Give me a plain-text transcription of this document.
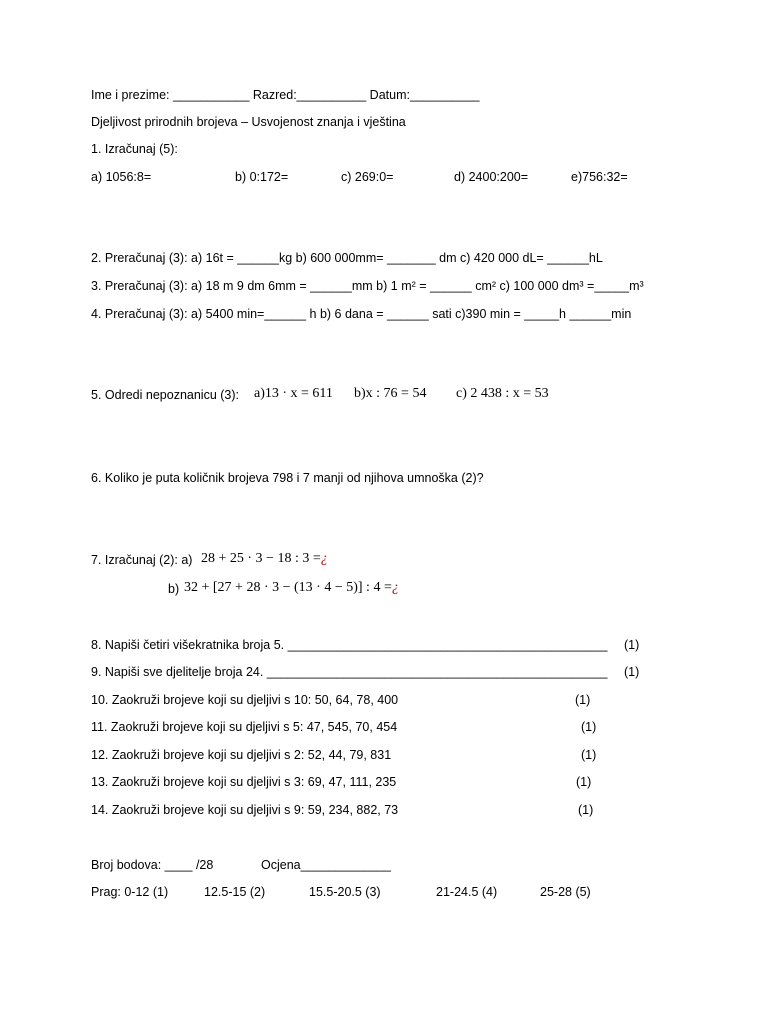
Ime i prezime: ___________ Razred:__________ Datum:__________
Djeljivost prirodnih brojeva – Usvojenost znanja i vještina
1. Izračunaj (5):
a) 1056:8=	b) 0:172=	c) 269:0=	d) 2400:200=	e)756:32=
2. Preračunaj (3): a) 16t = ______kg b) 600 000mm= _______ dm c) 420 000 dL= ______hL
3. Preračunaj (3): a) 18 m 9 dm 6mm = ______mm b) 1 m² = ______ cm² c) 100 000 dm³ =_____m³
4. Preračunaj (3): a) 5400 min=______ h b) 6 dana = ______ sati c)390 min = _____h ______min
5. Odredi nepoznanicu (3): a)13 · x = 611 b)x : 76 = 54 c) 2 438 : x = 53
6. Koliko je puta količnik brojeva 798 i 7 manji od njihova umnoška (2)?
7. Izračunaj (2): a) 28 + 25 · 3 − 18 : 3 =¿
b) 32 + [27 + 28 · 3 − (13 · 4 − 5)] : 4 =¿
8. Napiši četiri višekratnika broja 5. ______________________________________________ (1)
9. Napiši sve djelitelje broja 24. _________________________________________________ (1)
10. Zaokruži brojeve koji su djeljivi s 10: 50, 64, 78, 400	(1)
11. Zaokruži brojeve koji su djeljivi s 5: 47, 545, 70, 454	(1)
12. Zaokruži brojeve koji su djeljivi s 2: 52, 44, 79, 831	(1)
13. Zaokruži brojeve koji su djeljivi s 3: 69, 47, 111, 235	(1)
14. Zaokruži brojeve koji su djeljivi s 9: 59, 234, 882, 73	(1)
Broj bodova: ____ /28	Ocjena_____________
Prag: 0-12 (1)	12.5-15 (2)	15.5-20.5 (3)	21-24.5 (4)	25-28 (5)
